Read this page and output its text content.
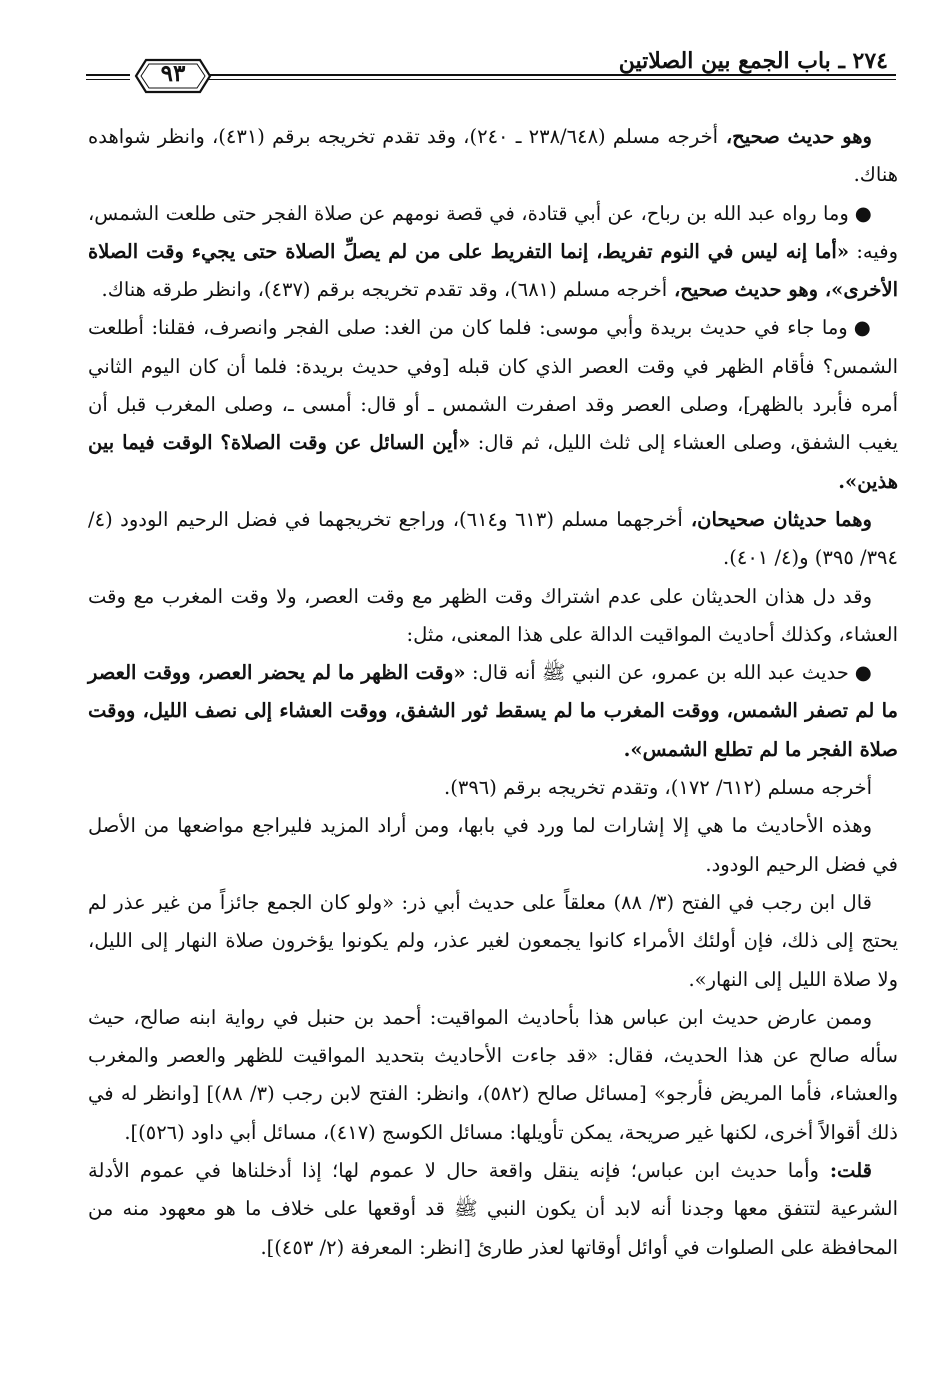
٢٧٤ ـ باب الجمع بين الصلاتين
٩٣

وهو حديث صحيح، أخرجه مسلم (٢٣٨/٦٤٨ ـ ٢٤٠)، وقد تقدم تخريجه برقم (٤٣١)، وانظر شواهده هناك.

●وما رواه عبد الله بن رباح، عن أبي قتادة، في قصة نومهم عن صلاة الفجر حتى طلعت الشمس، وفيه: «أما إنه ليس في النوم تفريط، إنما التفريط على من لم يصلِّ الصلاة حتى يجيء وقت الصلاة الأخرى»، وهو حديث صحيح، أخرجه مسلم (٦٨١)، وقد تقدم تخريجه برقم (٤٣٧)، وانظر طرقه هناك.

●وما جاء في حديث بريدة وأبي موسى: فلما كان من الغد: صلى الفجر وانصرف، فقلنا: أطلعت الشمس؟ فأقام الظهر في وقت العصر الذي كان قبله [وفي حديث بريدة: فلما أن كان اليوم الثاني أمره فأبرد بالظهر]، وصلى العصر وقد اصفرت الشمس ـ أو قال: أمسى ـ، وصلى المغرب قبل أن يغيب الشفق، وصلى العشاء إلى ثلث الليل، ثم قال: «أين السائل عن وقت الصلاة؟ الوقت فيما بين هذين».

وهما حديثان صحيحان، أخرجهما مسلم (٦١٣ و٦١٤)، وراجع تخريجهما في فضل الرحيم الودود (٤/ ٣٩٤/ ٣٩٥) و(٤/ ٤٠١).

وقد دل هذان الحديثان على عدم اشتراك وقت الظهر مع وقت العصر، ولا وقت المغرب مع وقت العشاء، وكذلك أحاديث المواقيت الدالة على هذا المعنى، مثل:

●حديث عبد الله بن عمرو، عن النبي ﷺ أنه قال: «وقت الظهر ما لم يحضر العصر، ووقت العصر ما لم تصفر الشمس، ووقت المغرب ما لم يسقط ثور الشفق، ووقت العشاء إلى نصف الليل، ووقت صلاة الفجر ما لم تطلع الشمس».

أخرجه مسلم (٦١٢/ ١٧٢)، وتقدم تخريجه برقم (٣٩٦).

وهذه الأحاديث ما هي إلا إشارات لما ورد في بابها، ومن أراد المزيد فليراجع مواضعها من الأصل في فضل الرحيم الودود.

قال ابن رجب في الفتح (٣/ ٨٨) معلقاً على حديث أبي ذر: «ولو كان الجمع جائزاً من غير عذر لم يحتج إلى ذلك، فإن أولئك الأمراء كانوا يجمعون لغير عذر، ولم يكونوا يؤخرون صلاة النهار إلى الليل، ولا صلاة الليل إلى النهار».

وممن عارض حديث ابن عباس هذا بأحاديث المواقيت: أحمد بن حنبل في رواية ابنه صالح، حيث سأله صالح عن هذا الحديث، فقال: «قد جاءت الأحاديث بتحديد المواقيت للظهر والعصر والمغرب والعشاء، فأما المريض فأرجو» [مسائل صالح (٥٨٢)، وانظر: الفتح لابن رجب (٣/ ٨٨)] [وانظر له في ذلك أقوالاً أخرى، لكنها غير صريحة، يمكن تأويلها: مسائل الكوسج (٤١٧)، مسائل أبي داود (٥٢٦)].

قلت: وأما حديث ابن عباس؛ فإنه ينقل واقعة حال لا عموم لها؛ إذا أدخلناها في عموم الأدلة الشرعية لتتفق معها وجدنا أنه لابد أن يكون النبي ﷺ قد أوقعها على خلاف ما هو معهود منه من المحافظة على الصلوات في أوائل أوقاتها لعذر طارئ [انظر: المعرفة (٢/ ٤٥٣)].
